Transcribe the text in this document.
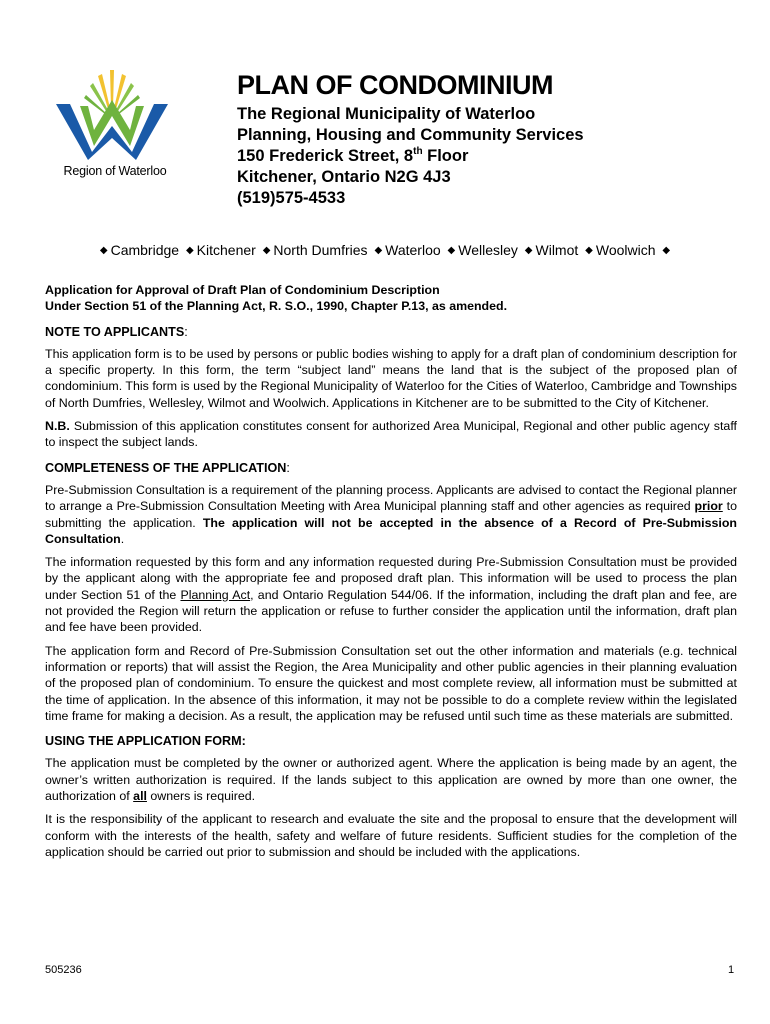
Region of Waterloo
PLAN OF CONDOMINIUM
The Regional Municipality of Waterloo
Planning, Housing and Community Services
150 Frederick Street, 8th Floor
Kitchener, Ontario N2G 4J3
(519)575-4533
◆ Cambridge ◆ Kitchener ◆ North Dumfries ◆ Waterloo ◆ Wellesley ◆ Wilmot ◆ Woolwich ◆

Application for Approval of Draft Plan of Condominium Description

Under Section 51 of the Planning Act, R. S.O., 1990, Chapter P.13, as amended.

NOTE TO APPLICANTS:

This application form is to be used by persons or public bodies wishing to apply for a draft plan of condominium description for a specific property. In this form, the term “subject land” means the land that is the subject of the proposed plan of condominium. This form is used by the Regional Municipality of Waterloo for the Cities of Waterloo, Cambridge and Townships of North Dumfries, Wellesley, Wilmot and Woolwich. Applications in Kitchener are to be submitted to the City of Kitchener.

N.B. Submission of this application constitutes consent for authorized Area Municipal, Regional and other public agency staff to inspect the subject lands.

COMPLETENESS OF THE APPLICATION:

Pre-Submission Consultation is a requirement of the planning process. Applicants are advised to contact the Regional planner to arrange a Pre-Submission Consultation Meeting with Area Municipal planning staff and other agencies as required prior to submitting the application. The application will not be accepted in the absence of a Record of Pre-Submission Consultation.

The information requested by this form and any information requested during Pre-Submission Consultation must be provided by the applicant along with the appropriate fee and proposed draft plan. This information will be used to process the plan under Section 51 of the Planning Act, and Ontario Regulation 544/06. If the information, including the draft plan and fee, are not provided the Region will return the application or refuse to further consider the application until the information, draft plan and fee have been provided.

The application form and Record of Pre-Submission Consultation set out the other information and materials (e.g. technical information or reports) that will assist the Region, the Area Municipality and other public agencies in their planning evaluation of the proposed plan of condominium. To ensure the quickest and most complete review, all information must be submitted at the time of application. In the absence of this information, it may not be possible to do a complete review within the legislated time frame for making a decision. As a result, the application may be refused until such time as these materials are submitted.

USING THE APPLICATION FORM:

The application must be completed by the owner or authorized agent. Where the application is being made by an agent, the owner’s written authorization is required. If the lands subject to this application are owned by more than one owner, the authorization of all owners is required.

It is the responsibility of the applicant to research and evaluate the site and the proposal to ensure that the development will conform with the interests of the health, safety and welfare of future residents. Sufficient studies for the completion of the application should be carried out prior to submission and should be included with the applications.

505236	1
